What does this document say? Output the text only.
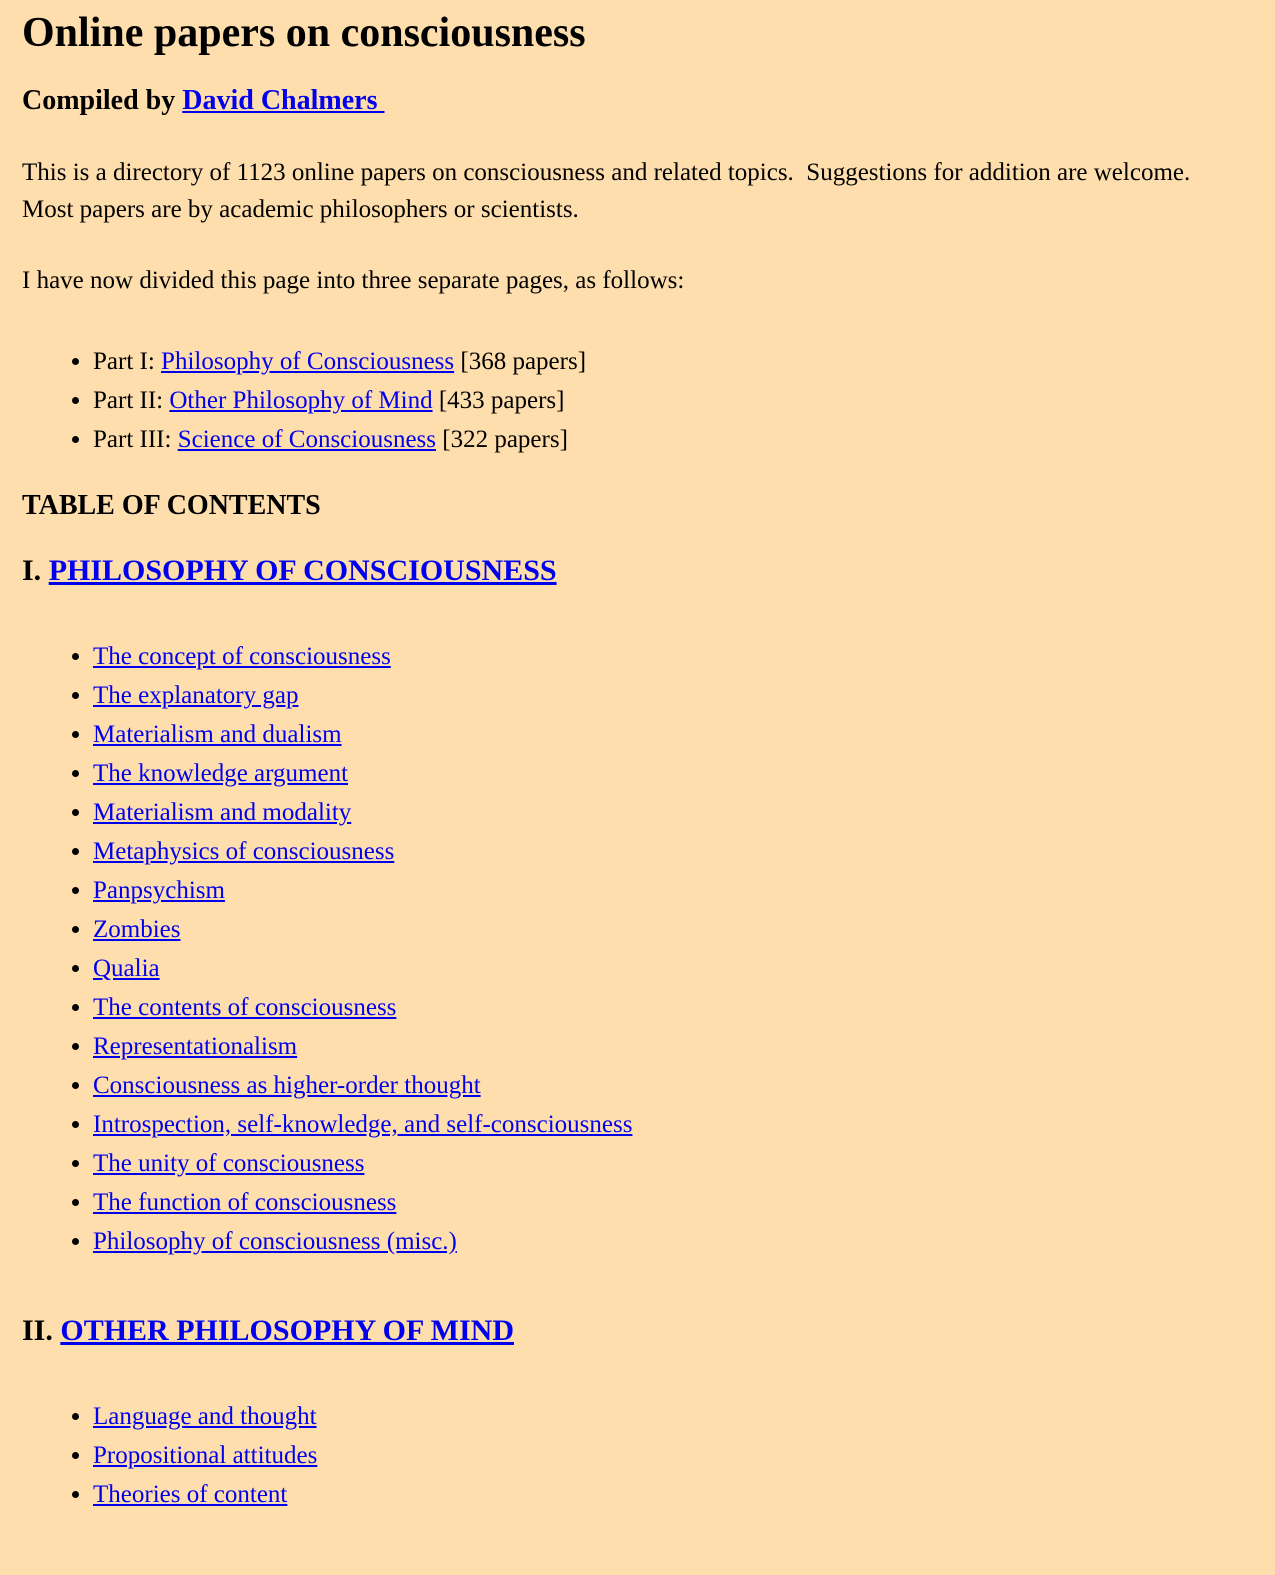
Online papers on consciousness
Compiled by David Chalmers

This is a directory of 1123 online papers on consciousness and related topics.  Suggestions for addition are welcome. Most papers are by academic philosophers or scientists.

I have now divided this page into three separate pages, as follows:

• Part I: Philosophy of Consciousness [368 papers]
• Part II: Other Philosophy of Mind [433 papers]
• Part III: Science of Consciousness [322 papers]
TABLE OF CONTENTS
I. PHILOSOPHY OF CONSCIOUSNESS
• The concept of consciousness
• The explanatory gap
• Materialism and dualism
• The knowledge argument
• Materialism and modality
• Metaphysics of consciousness
• Panpsychism
• Zombies
• Qualia
• The contents of consciousness
• Representationalism
• Consciousness as higher-order thought
• Introspection, self-knowledge, and self-consciousness
• The unity of consciousness
• The function of consciousness
• Philosophy of consciousness (misc.)
II. OTHER PHILOSOPHY OF MIND
• Language and thought
• Propositional attitudes
• Theories of content
